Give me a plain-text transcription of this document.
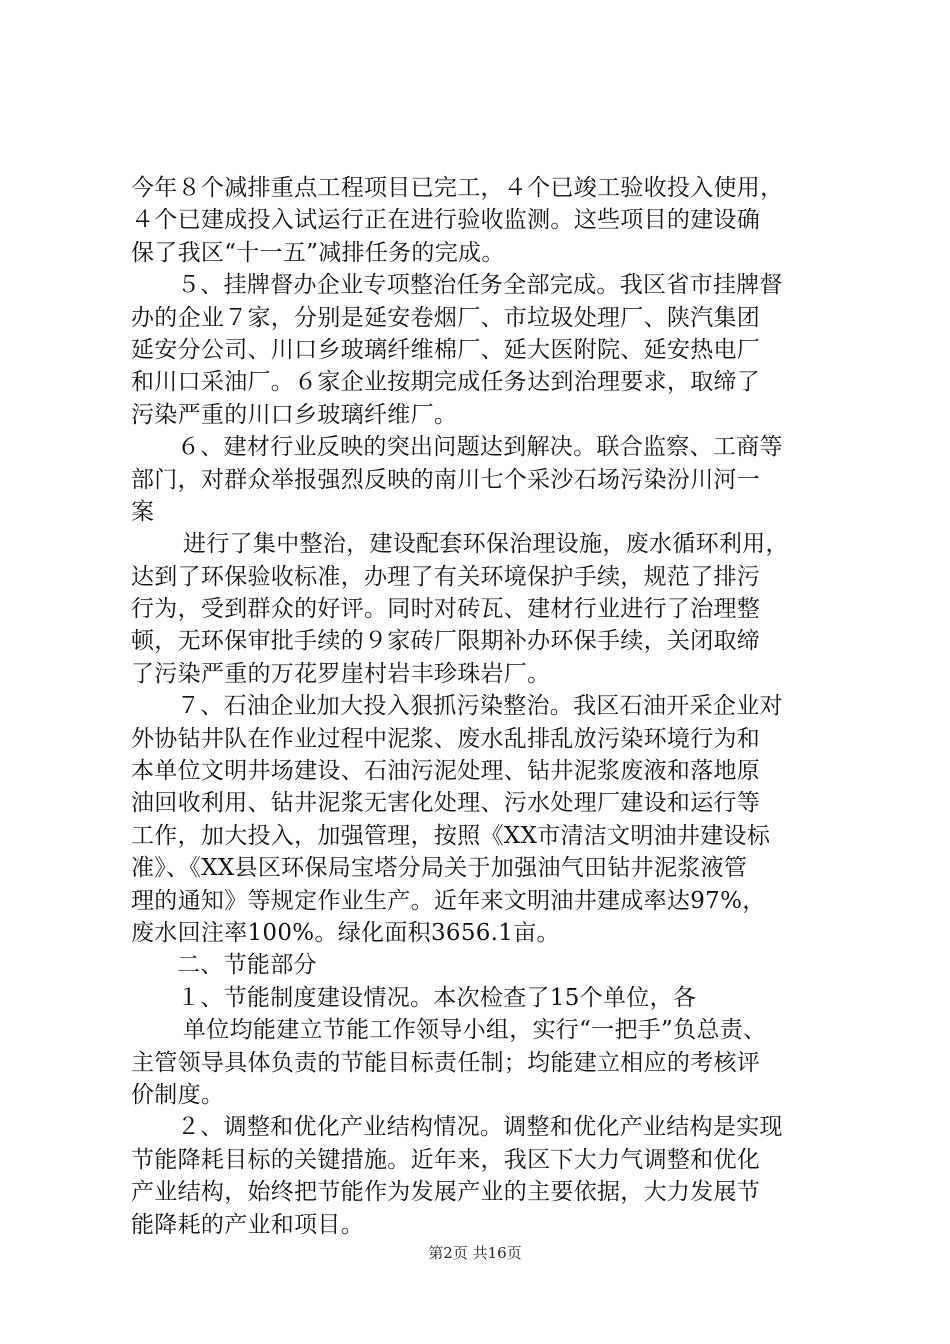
今年８个减排重点工程项目已完工，４个已竣工验收投入使用，
４个已建成投入试运行正在进行验收监测。这些项目的建设确
保了我区“十一五”减排任务的完成。
５、挂牌督办企业专项整治任务全部完成。我区省市挂牌督
办的企业７家，分别是延安卷烟厂、市垃圾处理厂、陕汽集团
延安分公司、川口乡玻璃纤维棉厂、延大医附院、延安热电厂
和川口采油厂。６家企业按期完成任务达到治理要求，取缔了
污染严重的川口乡玻璃纤维厂。
６、建材行业反映的突出问题达到解决。联合监察、工商等
部门，对群众举报强烈反映的南川七个采沙石场污染汾川河一
案
进行了集中整治，建设配套环保治理设施，废水循环利用，
达到了环保验收标准，办理了有关环境保护手续，规范了排污
行为，受到群众的好评。同时对砖瓦、建材行业进行了治理整
顿，无环保审批手续的９家砖厂限期补办环保手续，关闭取缔
了污染严重的万花罗崖村岩丰珍珠岩厂。
７、石油企业加大投入狠抓污染整治。我区石油开采企业对
外协钻井队在作业过程中泥浆、废水乱排乱放污染环境行为和
本单位文明井场建设、石油污泥处理、钻井泥浆废液和落地原
油回收利用、钻井泥浆无害化处理、污水处理厂建设和运行等
工作，加大投入，加强管理，按照《XX市清洁文明油井建设标
准》、《XX县区环保局宝塔分局关于加强油气田钻井泥浆液管
理的通知》等规定作业生产。近年来文明油井建成率达97%，
废水回注率100%。绿化面积3656.1亩。
二、节能部分
１、节能制度建设情况。本次检查了15个单位，各
单位均能建立节能工作领导小组，实行“一把手”负总责、
主管领导具体负责的节能目标责任制；均能建立相应的考核评
价制度。
２、调整和优化产业结构情况。调整和优化产业结构是实现
节能降耗目标的关键措施。近年来，我区下大力气调整和优化
产业结构，始终把节能作为发展产业的主要依据，大力发展节
能降耗的产业和项目。
第2页 共16页
